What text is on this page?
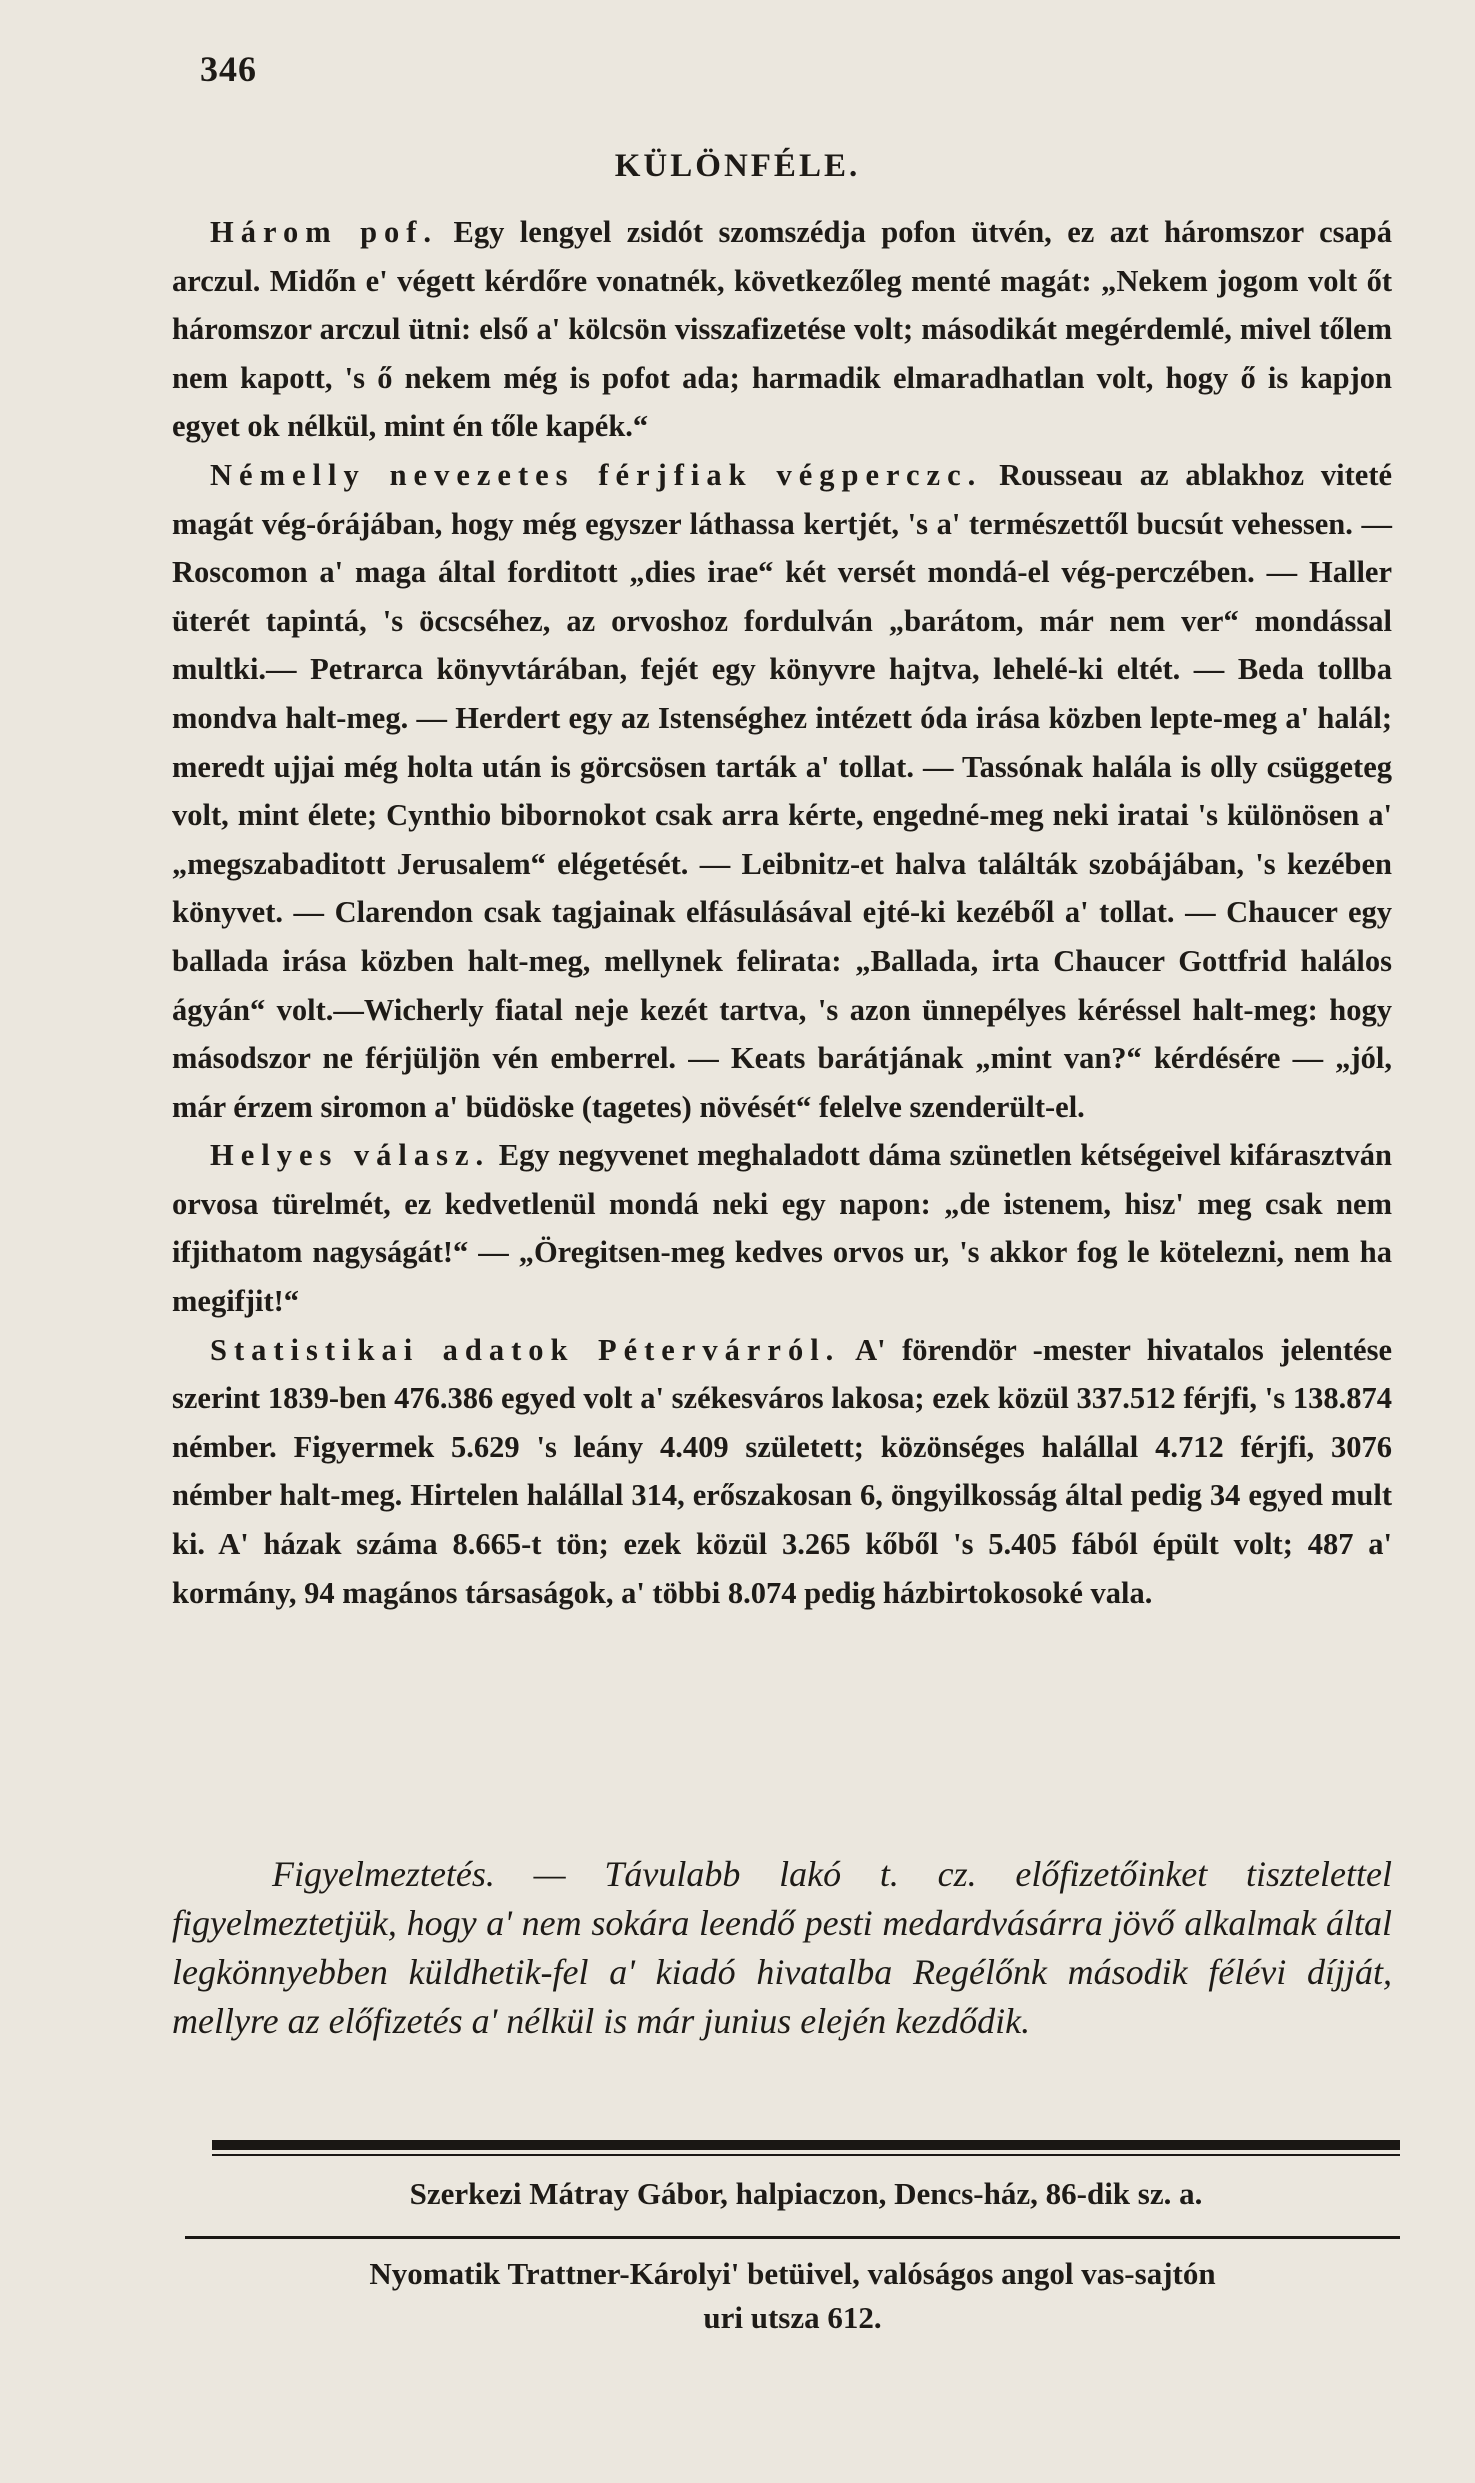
346
KÜLÖNFÉLE.

Három pof. Egy lengyel zsidót szomszédja pofon ütvén, ez azt háromszor csapá arczul. Midőn e' végett kérdőre vonatnék, következőleg menté magát: „Nekem jogom volt őt háromszor arczul ütni: első a' kölcsön visszafizetése volt; másodikát megérdemlé, mivel tőlem nem kapott, 's ő nekem még is pofot ada; harmadik elmaradhatlan volt, hogy ő is kapjon egyet ok nélkül, mint én tőle kapék.“

Némelly nevezetes férjfiak végperczc. Rousseau az ablakhoz viteté magát vég-órájában, hogy még egyszer láthassa kertjét, 's a' természettől bucsút vehessen. — Roscomon a' maga által forditott „dies irae“ két versét mondá-el vég-perczében. — Haller üterét tapintá, 's öcscséhez, az orvoshoz fordulván „barátom, már nem ver“ mondással multki.— Petrarca könyvtárában, fejét egy könyvre hajtva, lehelé-ki eltét. — Beda tollba mondva halt-meg. — Herdert egy az Istenséghez intézett óda irása közben lepte-meg a' halál; meredt ujjai még holta után is görcsösen tarták a' tollat. — Tassónak halála is olly csüggeteg volt, mint élete; Cynthio bibornokot csak arra kérte, engedné-meg neki iratai 's különösen a' „megszabaditott Jerusalem“ elégetését. — Leibnitz-et halva találták szobájában, 's kezében könyvet. — Clarendon csak tagjainak elfásulásával ejté-ki kezéből a' tollat. — Chaucer egy ballada irása közben halt-meg, mellynek felirata: „Ballada, irta Chaucer Gottfrid halálos ágyán“ volt.—Wicherly fiatal neje kezét tartva, 's azon ünnepélyes kéréssel halt-meg: hogy másodszor ne férjüljön vén emberrel. — Keats barátjának „mint van?“ kérdésére — „jól, már érzem siromon a' büdöske (tagetes) növését“ felelve szenderült-el.

Helyes válasz. Egy negyvenet meghaladott dáma szünetlen kétségeivel kifárasztván orvosa türelmét, ez kedvetlenül mondá neki egy napon: „de istenem, hisz' meg csak nem ifjithatom nagyságát!“ — „Öregitsen-meg kedves orvos ur, 's akkor fog le kötelezni, nem ha megifjit!“

Statistikai adatok Pétervárról. A' förendör -mester hivatalos jelentése szerint 1839-ben 476.386 egyed volt a' székesváros lakosa; ezek közül 337.512 férjfi, 's 138.874 némber. Figyermek 5.629 's leány 4.409 született; közönséges halállal 4.712 férjfi, 3076 némber halt-meg. Hirtelen halállal 314, erőszakosan 6, öngyilkosság által pedig 34 egyed mult ki. A' házak száma 8.665-t tön; ezek közül 3.265 kőből 's 5.405 fából épült volt; 487 a' kormány, 94 magános társaságok, a' többi 8.074 pedig házbirtokosoké vala.

Figyelmeztetés. — Távulabb lakó t. cz. előfizetőinket tisztelettel figyelmeztetjük, hogy a' nem sokára leendő pesti medardvásárra jövő alkalmak által legkönnyebben küldhetik-fel a' kiadó hivatalba Regélőnk második félévi díjját, mellyre az előfizetés a' nélkül is már junius elején kezdődik.
Szerkezi Mátray Gábor, halpiaczon, Dencs-ház, 86-dik sz. a.
Nyomatik Trattner-Károlyi' betüivel, valóságos angol vas-sajtón
uri utsza 612.
